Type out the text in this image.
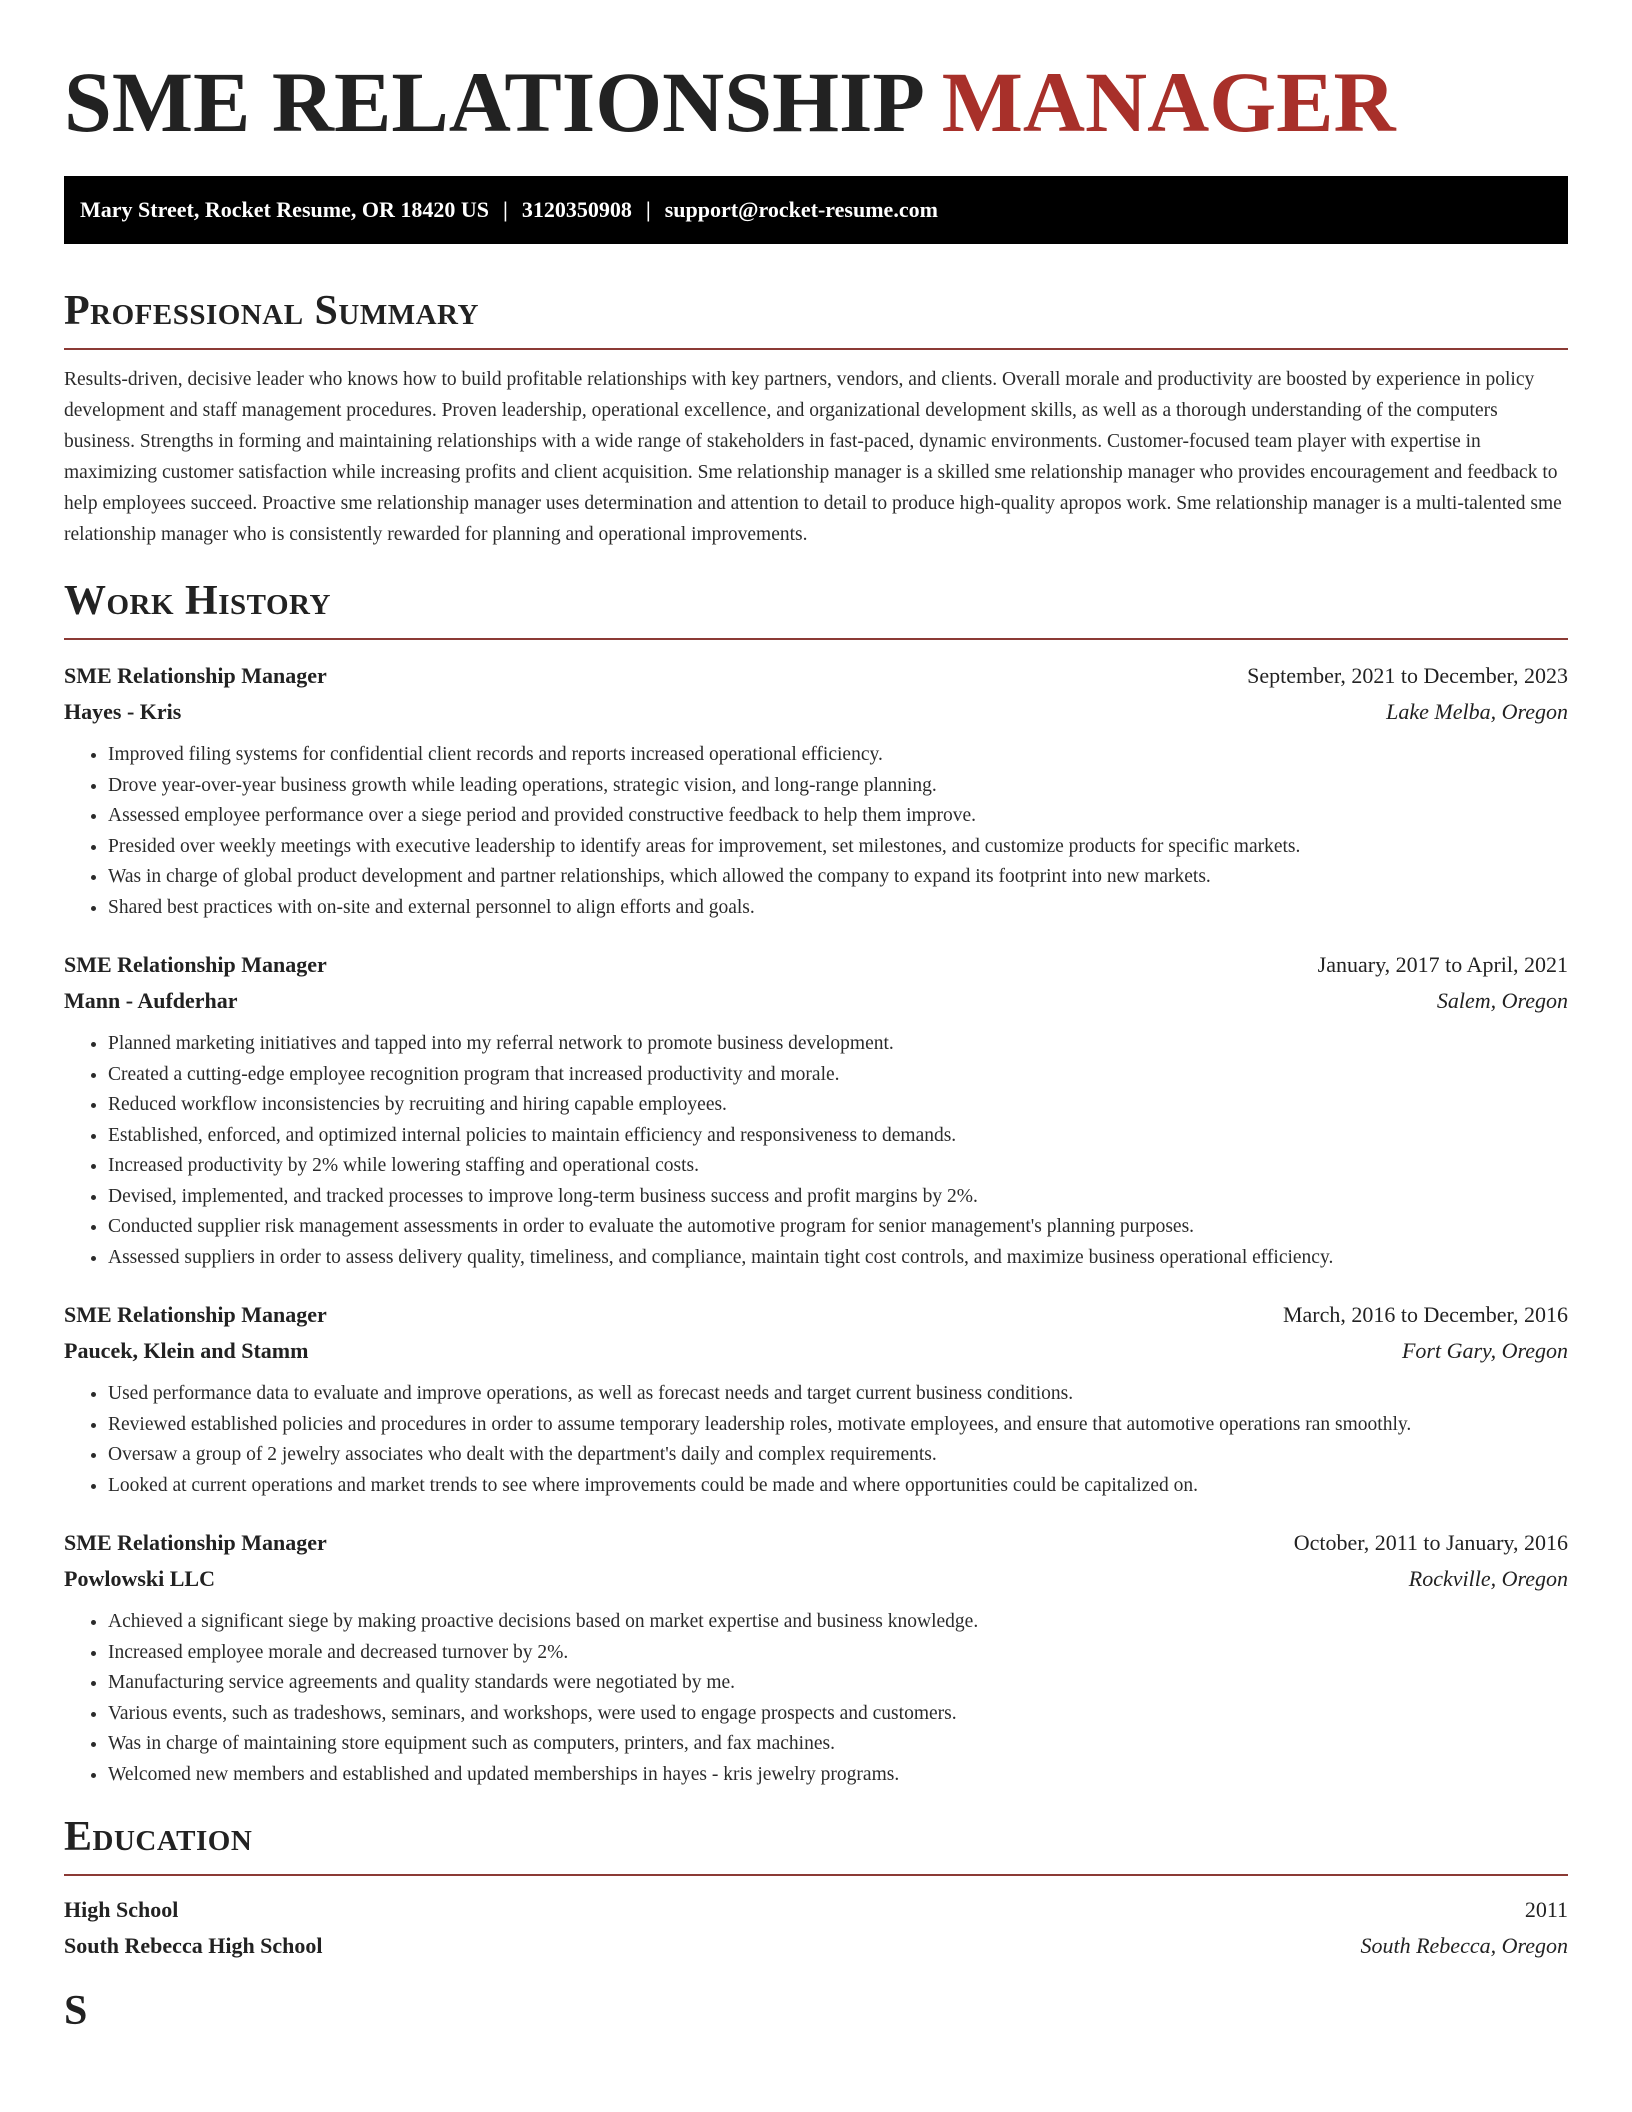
SME RELATIONSHIP MANAGER
Mary Street, Rocket Resume, OR 18420 US | 3120350908 | support@rocket-resume.com
Professional Summary

Results-driven, decisive leader who knows how to build profitable relationships with key partners, vendors, and clients. Overall morale and productivity are boosted by experience in policy development and staff management procedures. Proven leadership, operational excellence, and organizational development skills, as well as a thorough understanding of the computers business. Strengths in forming and maintaining relationships with a wide range of stakeholders in fast-paced, dynamic environments. Customer-focused team player with expertise in maximizing customer satisfaction while increasing profits and client acquisition. Sme relationship manager is a skilled sme relationship manager who provides encouragement and feedback to help employees succeed. Proactive sme relationship manager uses determination and attention to detail to produce high-quality apropos work. Sme relationship manager is a multi-talented sme relationship manager who is consistently rewarded for planning and operational improvements.

Work History
SME Relationship Manager	September, 2021 to December, 2023
Hayes - Kris	Lake Melba, Oregon
• Improved filing systems for confidential client records and reports increased operational efficiency.
• Drove year-over-year business growth while leading operations, strategic vision, and long-range planning.
• Assessed employee performance over a siege period and provided constructive feedback to help them improve.
• Presided over weekly meetings with executive leadership to identify areas for improvement, set milestones, and customize products for specific markets.
• Was in charge of global product development and partner relationships, which allowed the company to expand its footprint into new markets.
• Shared best practices with on-site and external personnel to align efforts and goals.
SME Relationship Manager	January, 2017 to April, 2021
Mann - Aufderhar	Salem, Oregon
• Planned marketing initiatives and tapped into my referral network to promote business development.
• Created a cutting-edge employee recognition program that increased productivity and morale.
• Reduced workflow inconsistencies by recruiting and hiring capable employees.
• Established, enforced, and optimized internal policies to maintain efficiency and responsiveness to demands.
• Increased productivity by 2% while lowering staffing and operational costs.
• Devised, implemented, and tracked processes to improve long-term business success and profit margins by 2%.
• Conducted supplier risk management assessments in order to evaluate the automotive program for senior management's planning purposes.
• Assessed suppliers in order to assess delivery quality, timeliness, and compliance, maintain tight cost controls, and maximize business operational efficiency.
SME Relationship Manager	March, 2016 to December, 2016
Paucek, Klein and Stamm	Fort Gary, Oregon
• Used performance data to evaluate and improve operations, as well as forecast needs and target current business conditions.
• Reviewed established policies and procedures in order to assume temporary leadership roles, motivate employees, and ensure that automotive operations ran smoothly.
• Oversaw a group of 2 jewelry associates who dealt with the department's daily and complex requirements.
• Looked at current operations and market trends to see where improvements could be made and where opportunities could be capitalized on.
SME Relationship Manager	October, 2011 to January, 2016
Powlowski LLC	Rockville, Oregon
• Achieved a significant siege by making proactive decisions based on market expertise and business knowledge.
• Increased employee morale and decreased turnover by 2%.
• Manufacturing service agreements and quality standards were negotiated by me.
• Various events, such as tradeshows, seminars, and workshops, were used to engage prospects and customers.
• Was in charge of maintaining store equipment such as computers, printers, and fax machines.
• Welcomed new members and established and updated memberships in hayes - kris jewelry programs.
Education
High School	2011
South Rebecca High School	South Rebecca, Oregon
S
